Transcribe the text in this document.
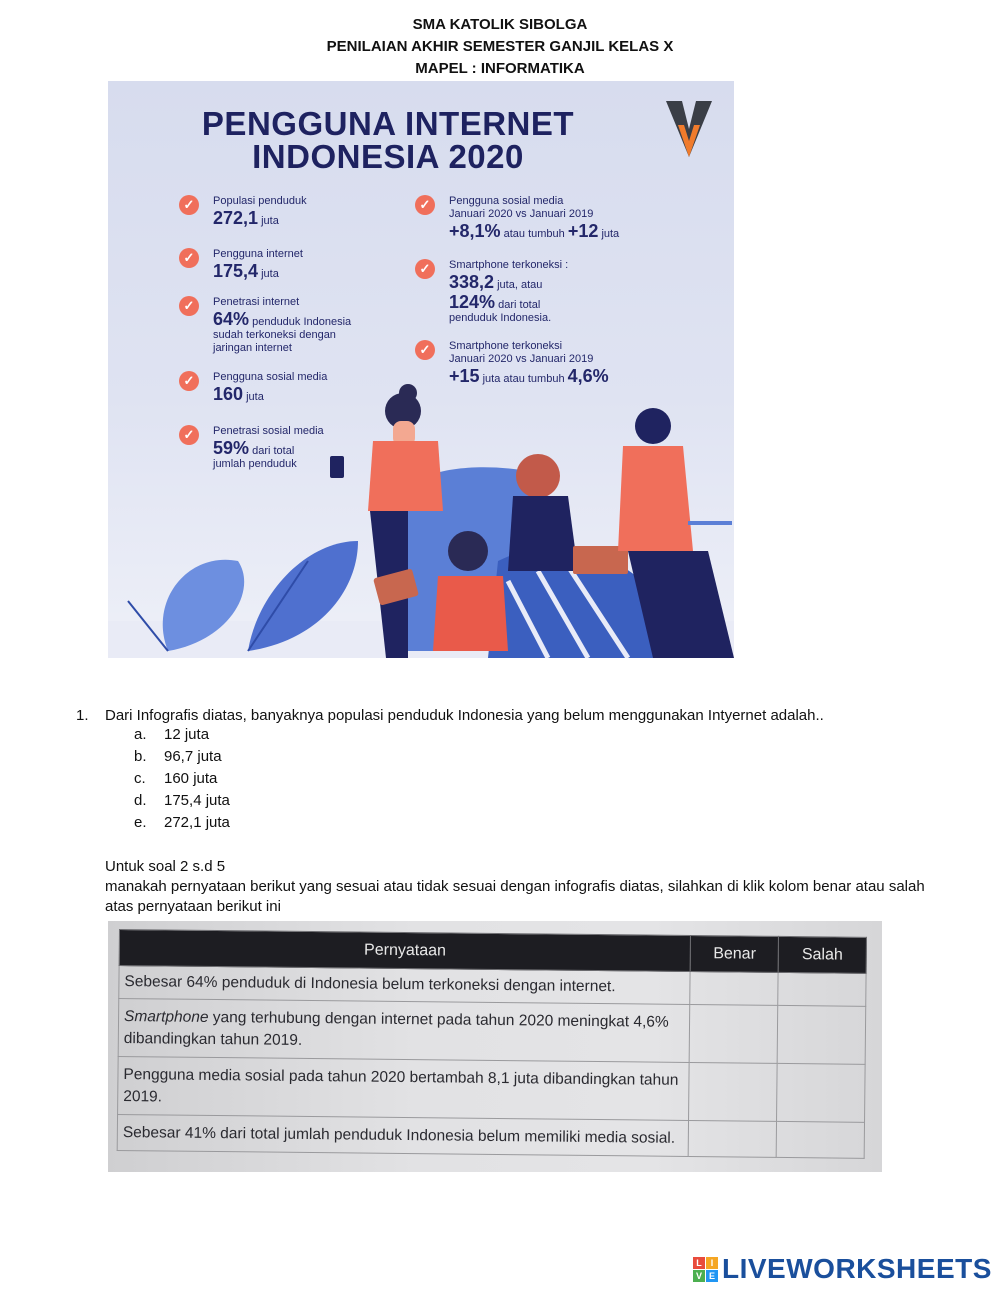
SMA KATOLIK SIBOLGA
PENILAIAN AKHIR SEMESTER GANJIL KELAS X
MAPEL : INFORMATIKA
PENGGUNA INTERNET
INDONESIA 2020
✓	Populasi penduduk
272,1 juta
✓	Pengguna internet
175,4 juta
✓	Penetrasi internet
64% penduduk Indonesia
sudah terkoneksi dengan jaringan internet
✓	Pengguna sosial media
160 juta
✓	Penetrasi sosial media
59% dari total
jumlah penduduk
✓	Pengguna sosial media
Januari 2020 vs Januari 2019
+8,1% atau tumbuh +12 juta
✓	Smartphone terkoneksi :
338,2 juta, atau
124% dari total
penduduk Indonesia.
✓	Smartphone terkoneksi
Januari 2020 vs Januari 2019
+15 juta atau tumbuh 4,6%
1. Dari Infografis diatas, banyaknya populasi penduduk Indonesia yang belum menggunakan Intyernet adalah..
a. 12 juta
b. 96,7 juta
c. 160 juta
d. 175,4 juta
e. 272,1 juta
Untuk soal 2 s.d 5
manakah pernyataan berikut yang sesuai atau tidak sesuai dengan infografis diatas, silahkan di klik kolom benar atau salah atas pernyataan berikut ini
Pernyataan	Benar	Salah
Sebesar 64% penduduk di Indonesia belum terkoneksi dengan internet.		
Smartphone yang terhubung dengan internet pada tahun 2020 meningkat 4,6% dibandingkan tahun 2019.		
Pengguna media sosial pada tahun 2020 bertambah 8,1 juta dibandingkan tahun 2019.		
Sebesar 41% dari total jumlah penduduk Indonesia belum memiliki media sosial.		
L I
V E LIVEWORKSHEETS
